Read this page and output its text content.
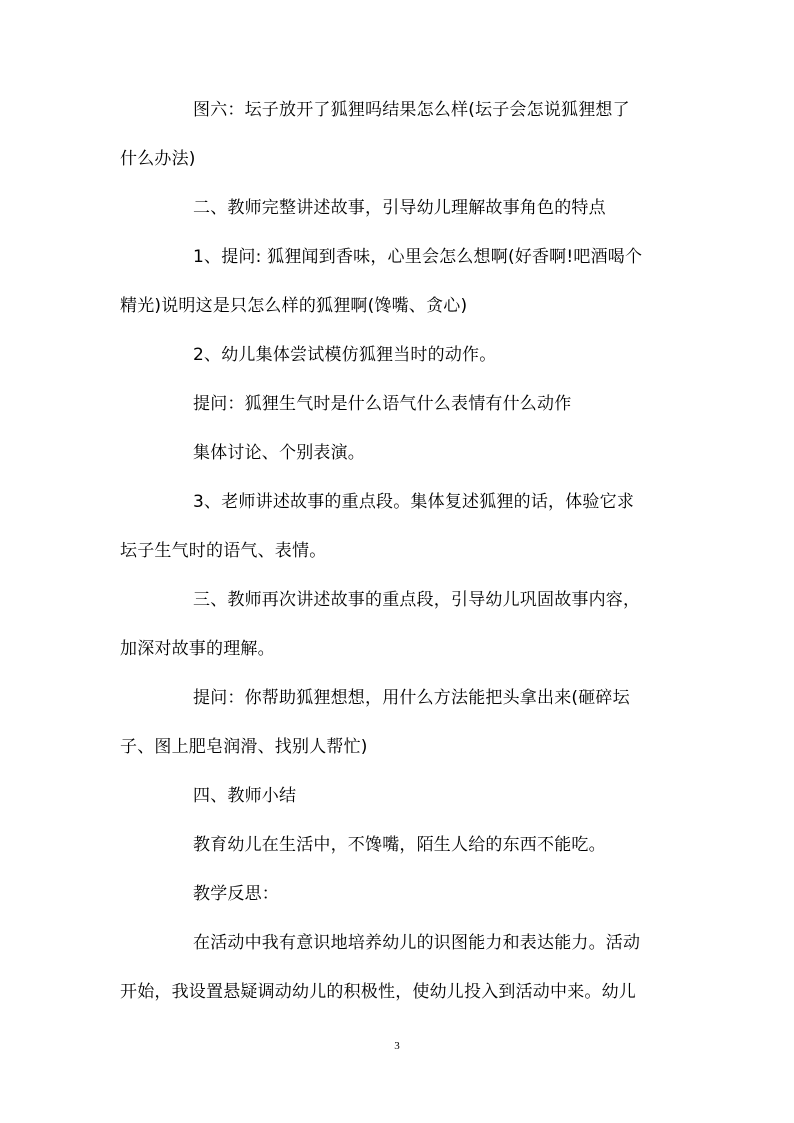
图六：坛子放开了狐狸吗结果怎么样(坛子会怎说狐狸想了
什么办法)
二、教师完整讲述故事，引导幼儿理解故事角色的特点
1、提问: 狐狸闻到香味，心里会怎么想啊(好香啊!吧酒喝个
精光)说明这是只怎么样的狐狸啊(馋嘴、贪心)
2、幼儿集体尝试模仿狐狸当时的动作。
提问：狐狸生气时是什么语气什么表情有什么动作
集体讨论、个别表演。
3、老师讲述故事的重点段。集体复述狐狸的话，体验它求
坛子生气时的语气、表情。
三、教师再次讲述故事的重点段，引导幼儿巩固故事内容，
加深对故事的理解。
提问：你帮助狐狸想想，用什么方法能把头拿出来(砸碎坛
子、图上肥皂润滑、找别人帮忙)
四、教师小结
教育幼儿在生活中，不馋嘴，陌生人给的东西不能吃。
教学反思：
在活动中我有意识地培养幼儿的识图能力和表达能力。活动
开始，我设置悬疑调动幼儿的积极性，使幼儿投入到活动中来。幼儿
3
